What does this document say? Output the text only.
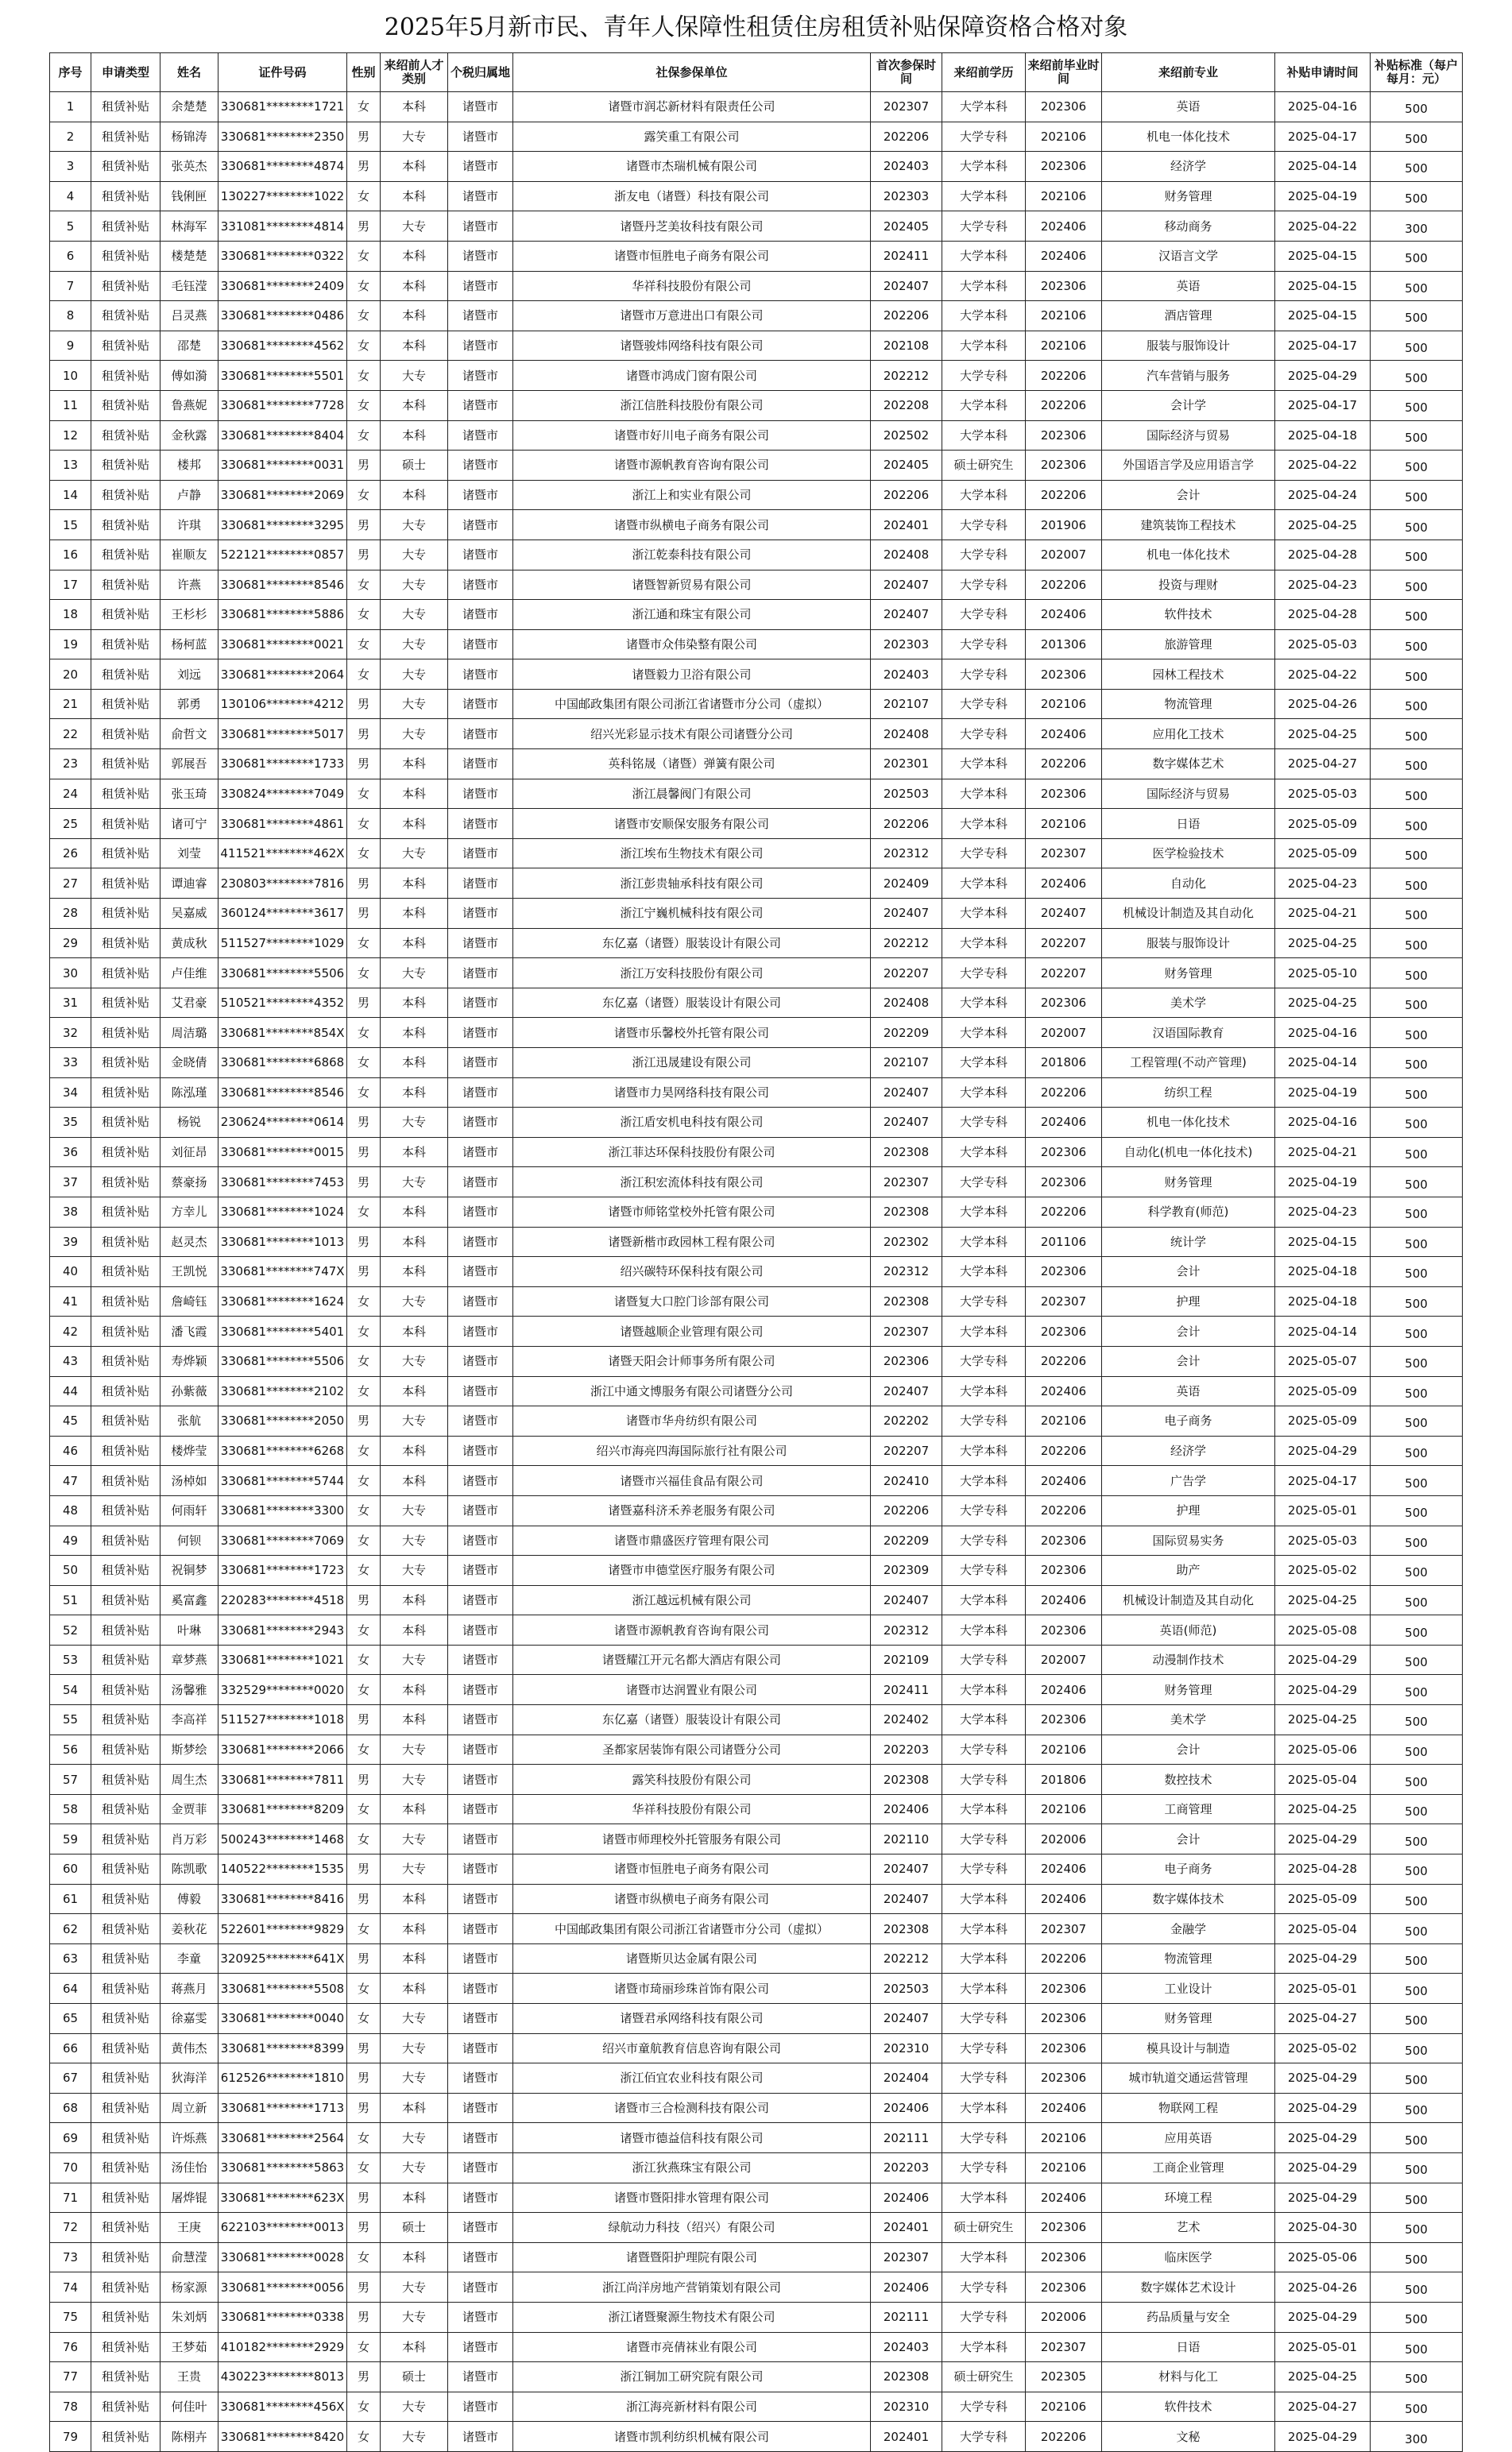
2025年5月新市民、青年人保障性租赁住房租赁补贴保障资格合格对象
序号	申请类型	姓名	证件号码	性别	来绍前人才类别	个税归属地	社保参保单位	首次参保时间	来绍前学历	来绍前毕业时间	来绍前专业	补贴申请时间	补贴标准（每户每月：元）
1	租赁补贴	余楚楚	330681********1721	女	本科	诸暨市	诸暨市润芯新材料有限责任公司	202307	大学本科	202306	英语	2025-04-16	500
2	租赁补贴	杨锦涛	330681********2350	男	大专	诸暨市	露笑重工有限公司	202206	大学专科	202106	机电一体化技术	2025-04-17	500
3	租赁补贴	张英杰	330681********4874	男	本科	诸暨市	诸暨市杰瑞机械有限公司	202403	大学本科	202306	经济学	2025-04-14	500
4	租赁补贴	钱俐匣	130227********1022	女	本科	诸暨市	浙友电（诸暨）科技有限公司	202303	大学本科	202106	财务管理	2025-04-19	500
5	租赁补贴	林海军	331081********4814	男	大专	诸暨市	诸暨丹芝美妆科技有限公司	202405	大学专科	202406	移动商务	2025-04-22	300
6	租赁补贴	楼楚楚	330681********0322	女	本科	诸暨市	诸暨市恒胜电子商务有限公司	202411	大学本科	202406	汉语言文学	2025-04-15	500
7	租赁补贴	毛钰滢	330681********2409	女	本科	诸暨市	华祥科技股份有限公司	202407	大学本科	202306	英语	2025-04-15	500
8	租赁补贴	吕灵燕	330681********0486	女	本科	诸暨市	诸暨市万意进出口有限公司	202206	大学本科	202106	酒店管理	2025-04-15	500
9	租赁补贴	邵楚	330681********4562	女	本科	诸暨市	诸暨骏炜网络科技有限公司	202108	大学本科	202106	服装与服饰设计	2025-04-17	500
10	租赁补贴	傅如漪	330681********5501	女	大专	诸暨市	诸暨市鸿成门窗有限公司	202212	大学专科	202206	汽车营销与服务	2025-04-29	500
11	租赁补贴	鲁燕妮	330681********7728	女	本科	诸暨市	浙江信胜科技股份有限公司	202208	大学本科	202206	会计学	2025-04-17	500
12	租赁补贴	金秋露	330681********8404	女	本科	诸暨市	诸暨市好川电子商务有限公司	202502	大学本科	202306	国际经济与贸易	2025-04-18	500
13	租赁补贴	楼邦	330681********0031	男	硕士	诸暨市	诸暨市源帆教育咨询有限公司	202405	硕士研究生	202306	外国语言学及应用语言学	2025-04-22	500
14	租赁补贴	卢静	330681********2069	女	本科	诸暨市	浙江上和实业有限公司	202206	大学本科	202206	会计	2025-04-24	500
15	租赁补贴	许琪	330681********3295	男	大专	诸暨市	诸暨市纵横电子商务有限公司	202401	大学专科	201906	建筑装饰工程技术	2025-04-25	500
16	租赁补贴	崔顺友	522121********0857	男	大专	诸暨市	浙江乾泰科技有限公司	202408	大学专科	202007	机电一体化技术	2025-04-28	500
17	租赁补贴	许燕	330681********8546	女	大专	诸暨市	诸暨智新贸易有限公司	202407	大学专科	202206	投资与理财	2025-04-23	500
18	租赁补贴	王杉杉	330681********5886	女	大专	诸暨市	浙江通和珠宝有限公司	202407	大学专科	202406	软件技术	2025-04-28	500
19	租赁补贴	杨柯蓝	330681********0021	女	大专	诸暨市	诸暨市众伟染整有限公司	202303	大学专科	201306	旅游管理	2025-05-03	500
20	租赁补贴	刘远	330681********2064	女	大专	诸暨市	诸暨毅力卫浴有限公司	202403	大学专科	202306	园林工程技术	2025-04-22	500
21	租赁补贴	郭勇	130106********4212	男	大专	诸暨市	中国邮政集团有限公司浙江省诸暨市分公司（虚拟）	202107	大学专科	202106	物流管理	2025-04-26	500
22	租赁补贴	俞哲文	330681********5017	男	大专	诸暨市	绍兴光彩显示技术有限公司诸暨分公司	202408	大学专科	202406	应用化工技术	2025-04-25	500
23	租赁补贴	郭展吾	330681********1733	男	本科	诸暨市	英科铭晟（诸暨）弹簧有限公司	202301	大学本科	202206	数字媒体艺术	2025-04-27	500
24	租赁补贴	张玉琦	330824********7049	女	本科	诸暨市	浙江晨馨阀门有限公司	202503	大学本科	202306	国际经济与贸易	2025-05-03	500
25	租赁补贴	诸可宁	330681********4861	女	本科	诸暨市	诸暨市安顺保安服务有限公司	202206	大学本科	202106	日语	2025-05-09	500
26	租赁补贴	刘莹	411521********462X	女	大专	诸暨市	浙江埃布生物技术有限公司	202312	大学专科	202307	医学检验技术	2025-05-09	500
27	租赁补贴	谭迪睿	230803********7816	男	本科	诸暨市	浙江彭贵轴承科技有限公司	202409	大学本科	202406	自动化	2025-04-23	500
28	租赁补贴	吴嘉威	360124********3617	男	本科	诸暨市	浙江宁巍机械科技有限公司	202407	大学本科	202407	机械设计制造及其自动化	2025-04-21	500
29	租赁补贴	黄成秋	511527********1029	女	本科	诸暨市	东亿嘉（诸暨）服装设计有限公司	202212	大学本科	202207	服装与服饰设计	2025-04-25	500
30	租赁补贴	卢佳维	330681********5506	女	大专	诸暨市	浙江万安科技股份有限公司	202207	大学专科	202207	财务管理	2025-05-10	500
31	租赁补贴	艾君豪	510521********4352	男	本科	诸暨市	东亿嘉（诸暨）服装设计有限公司	202408	大学本科	202306	美术学	2025-04-25	500
32	租赁补贴	周洁璐	330681********854X	女	本科	诸暨市	诸暨市乐馨校外托管有限公司	202209	大学本科	202007	汉语国际教育	2025-04-16	500
33	租赁补贴	金晓倩	330681********6868	女	本科	诸暨市	浙江迅晟建设有限公司	202107	大学本科	201806	工程管理(不动产管理)	2025-04-14	500
34	租赁补贴	陈泓瑾	330681********8546	女	本科	诸暨市	诸暨市力昊网络科技有限公司	202407	大学本科	202206	纺织工程	2025-04-19	500
35	租赁补贴	杨锐	230624********0614	男	大专	诸暨市	浙江盾安机电科技有限公司	202407	大学专科	202406	机电一体化技术	2025-04-16	500
36	租赁补贴	刘征昂	330681********0015	男	本科	诸暨市	浙江菲达环保科技股份有限公司	202308	大学本科	202306	自动化(机电一体化技术)	2025-04-21	500
37	租赁补贴	蔡豪扬	330681********7453	男	大专	诸暨市	浙江积宏流体科技有限公司	202307	大学专科	202306	财务管理	2025-04-19	500
38	租赁补贴	方幸儿	330681********1024	女	本科	诸暨市	诸暨市师铭堂校外托管有限公司	202308	大学本科	202206	科学教育(师范)	2025-04-23	500
39	租赁补贴	赵灵杰	330681********1013	男	本科	诸暨市	诸暨新楷市政园林工程有限公司	202302	大学本科	201106	统计学	2025-04-15	500
40	租赁补贴	王凯悦	330681********747X	男	本科	诸暨市	绍兴碳特环保科技有限公司	202312	大学本科	202306	会计	2025-04-18	500
41	租赁补贴	詹崎钰	330681********1624	女	大专	诸暨市	诸暨复大口腔门诊部有限公司	202308	大学专科	202307	护理	2025-04-18	500
42	租赁补贴	潘飞霞	330681********5401	女	本科	诸暨市	诸暨越顺企业管理有限公司	202307	大学本科	202306	会计	2025-04-14	500
43	租赁补贴	寿烨颖	330681********5506	女	大专	诸暨市	诸暨天阳会计师事务所有限公司	202306	大学专科	202206	会计	2025-05-07	500
44	租赁补贴	孙紫薇	330681********2102	女	本科	诸暨市	浙江中通文博服务有限公司诸暨分公司	202407	大学本科	202406	英语	2025-05-09	500
45	租赁补贴	张航	330681********2050	男	大专	诸暨市	诸暨市华舟纺织有限公司	202202	大学专科	202106	电子商务	2025-05-09	500
46	租赁补贴	楼烨莹	330681********6268	女	本科	诸暨市	绍兴市海亮四海国际旅行社有限公司	202207	大学本科	202206	经济学	2025-04-29	500
47	租赁补贴	汤棹如	330681********5744	女	本科	诸暨市	诸暨市兴福佳食品有限公司	202410	大学本科	202406	广告学	2025-04-17	500
48	租赁补贴	何雨轩	330681********3300	女	大专	诸暨市	诸暨嘉科济禾养老服务有限公司	202206	大学专科	202206	护理	2025-05-01	500
49	租赁补贴	何钡	330681********7069	女	大专	诸暨市	诸暨市鼎盛医疗管理有限公司	202209	大学专科	202306	国际贸易实务	2025-05-03	500
50	租赁补贴	祝铜梦	330681********1723	女	大专	诸暨市	诸暨市申德堂医疗服务有限公司	202309	大学专科	202306	助产	2025-05-02	500
51	租赁补贴	奚富鑫	220283********4518	男	本科	诸暨市	浙江越远机械有限公司	202407	大学本科	202406	机械设计制造及其自动化	2025-04-25	500
52	租赁补贴	叶琳	330681********2943	女	本科	诸暨市	诸暨市源帆教育咨询有限公司	202312	大学本科	202306	英语(师范)	2025-05-08	500
53	租赁补贴	章梦燕	330681********1021	女	大专	诸暨市	诸暨耀江开元名都大酒店有限公司	202109	大学专科	202007	动漫制作技术	2025-04-29	500
54	租赁补贴	汤馨雅	332529********0020	女	本科	诸暨市	诸暨市达润置业有限公司	202411	大学本科	202406	财务管理	2025-04-29	500
55	租赁补贴	李高祥	511527********1018	男	本科	诸暨市	东亿嘉（诸暨）服装设计有限公司	202402	大学本科	202306	美术学	2025-04-25	500
56	租赁补贴	斯梦绘	330681********2066	女	大专	诸暨市	圣都家居装饰有限公司诸暨分公司	202203	大学专科	202106	会计	2025-05-06	500
57	租赁补贴	周生杰	330681********7811	男	大专	诸暨市	露笑科技股份有限公司	202308	大学专科	201806	数控技术	2025-05-04	500
58	租赁补贴	金贾菲	330681********8209	女	本科	诸暨市	华祥科技股份有限公司	202406	大学本科	202106	工商管理	2025-04-25	500
59	租赁补贴	肖万彩	500243********1468	女	大专	诸暨市	诸暨市师理校外托管服务有限公司	202110	大学专科	202006	会计	2025-04-29	500
60	租赁补贴	陈凯歌	140522********1535	男	大专	诸暨市	诸暨市恒胜电子商务有限公司	202407	大学专科	202406	电子商务	2025-04-28	500
61	租赁补贴	傅毅	330681********8416	男	本科	诸暨市	诸暨市纵横电子商务有限公司	202407	大学本科	202406	数字媒体技术	2025-05-09	500
62	租赁补贴	姜秋花	522601********9829	女	本科	诸暨市	中国邮政集团有限公司浙江省诸暨市分公司（虚拟）	202308	大学本科	202307	金融学	2025-05-04	500
63	租赁补贴	李童	320925********641X	男	本科	诸暨市	诸暨斯贝达金属有限公司	202212	大学本科	202206	物流管理	2025-04-29	500
64	租赁补贴	蒋燕月	330681********5508	女	本科	诸暨市	诸暨市琦丽珍珠首饰有限公司	202503	大学本科	202306	工业设计	2025-05-01	500
65	租赁补贴	徐嘉雯	330681********0040	女	大专	诸暨市	诸暨君承网络科技有限公司	202407	大学专科	202306	财务管理	2025-04-27	500
66	租赁补贴	黄伟杰	330681********8399	男	大专	诸暨市	绍兴市童航教育信息咨询有限公司	202310	大学专科	202306	模具设计与制造	2025-05-02	500
67	租赁补贴	狄海洋	612526********1810	男	大专	诸暨市	浙江佰宜农业科技有限公司	202404	大学专科	202306	城市轨道交通运营管理	2025-04-29	500
68	租赁补贴	周立新	330681********1713	男	本科	诸暨市	诸暨市三合检测科技有限公司	202406	大学本科	202406	物联网工程	2025-04-29	500
69	租赁补贴	许烁燕	330681********2564	女	大专	诸暨市	诸暨市德益信科技有限公司	202111	大学专科	202106	应用英语	2025-04-29	500
70	租赁补贴	汤佳怡	330681********5863	女	大专	诸暨市	浙江狄燕珠宝有限公司	202203	大学专科	202106	工商企业管理	2025-04-29	500
71	租赁补贴	屠烨锟	330681********623X	男	本科	诸暨市	诸暨市暨阳排水管理有限公司	202406	大学本科	202406	环境工程	2025-04-29	500
72	租赁补贴	王庚	622103********0013	男	硕士	诸暨市	绿航动力科技（绍兴）有限公司	202401	硕士研究生	202306	艺术	2025-04-30	500
73	租赁补贴	俞慧滢	330681********0028	女	本科	诸暨市	诸暨暨阳护理院有限公司	202307	大学本科	202306	临床医学	2025-05-06	500
74	租赁补贴	杨家源	330681********0056	男	大专	诸暨市	浙江尚洋房地产营销策划有限公司	202406	大学专科	202306	数字媒体艺术设计	2025-04-26	500
75	租赁补贴	朱刘炳	330681********0338	男	大专	诸暨市	浙江诸暨聚源生物技术有限公司	202111	大学专科	202006	药品质量与安全	2025-04-29	500
76	租赁补贴	王梦茹	410182********2929	女	本科	诸暨市	诸暨市亮倩袜业有限公司	202403	大学本科	202307	日语	2025-05-01	500
77	租赁补贴	王贵	430223********8013	男	硕士	诸暨市	浙江铜加工研究院有限公司	202308	硕士研究生	202305	材料与化工	2025-04-25	500
78	租赁补贴	何佳叶	330681********456X	女	大专	诸暨市	浙江海亮新材料有限公司	202310	大学专科	202106	软件技术	2025-04-27	500
79	租赁补贴	陈栩卉	330681********8420	女	大专	诸暨市	诸暨市凯利纺织机械有限公司	202401	大学专科	202206	文秘	2025-04-29	300
